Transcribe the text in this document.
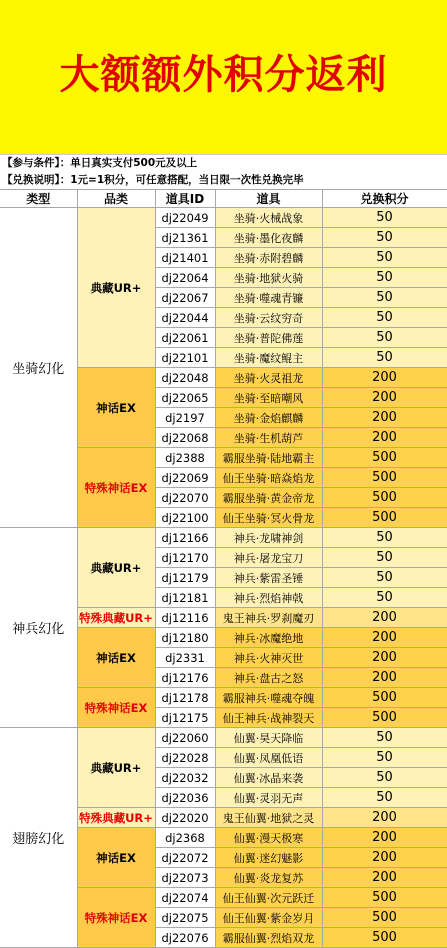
大额额外积分返利
【参与条件】：单日真实支付500元及以上
【兑换说明】：1元=1积分，可任意搭配，当日限一次性兑换完毕
类型	品类	道具ID	道具	兑换积分
坐骑幻化	典藏UR+	dj22049	坐骑·火械战象	50
		dj21361	坐骑·墨化夜麟	50
		dj21401	坐骑·赤附碧麟	50
		dj22064	坐骑·地狱火骑	50
		dj22067	坐骑·噬魂青镰	50
		dj22044	坐骑·云纹穷奇	50
		dj22061	坐骑·普陀佛莲	50
		dj22101	坐骑·魔纹鲲主	50
	神话EX	dj22048	坐骑·火灵祖龙	200
		dj22065	坐骑·至暗嘲风	200
		dj2197	坐骑·金焰麒麟	200
		dj22068	坐骑·生机葫芦	200
	特殊神话EX	dj2388	霸服坐骑·陆地霸主	500
		dj22069	仙王坐骑·暗焱焰龙	500
		dj22070	霸服坐骑·黄金帝龙	500
		dj22100	仙王坐骑·冥火骨龙	500
神兵幻化	典藏UR+	dj12166	神兵·龙啸神剑	50
		dj12170	神兵·屠龙宝刀	50
		dj12179	神兵·紫雷圣锤	50
		dj12181	神兵·烈焰神戟	50
	特殊典藏UR+	dj12116	鬼王神兵·罗刹魔刃	200
	神话EX	dj12180	神兵·冰魔绝地	200
		dj2331	神兵·火神灭世	200
		dj12176	神兵·盘古之怒	200
	特殊神话EX	dj12178	霸服神兵·噬魂夺魄	500
		dj12175	仙王神兵·战神裂天	500
翅膀幻化	典藏UR+	dj22060	仙翼·昊天降临	50
		dj22028	仙翼·凤凰低语	50
		dj22032	仙翼·冰晶来袭	50
		dj22036	仙翼·灵羽无声	50
	特殊典藏UR+	dj22020	鬼王仙翼·地狱之灵	200
	神话EX	dj2368	仙翼·漫天极寒	200
		dj22072	仙翼·迷幻魅影	200
		dj22073	仙翼·炎龙复苏	200
	特殊神话EX	dj22074	仙王仙翼·次元跃迁	500
		dj22075	仙王仙翼·紫金岁月	500
		dj22076	霸服仙翼·烈焰双龙	500
